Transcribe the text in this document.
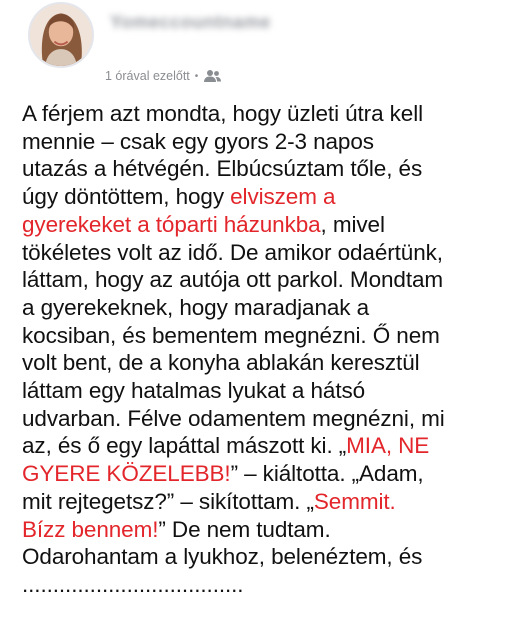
Yomeccountname
1 órával ezelőtt •
A férjem azt mondta, hogy üzleti útra kell
mennie – csak egy gyors 2-3 napos
utazás a hétvégén. Elbúcsúztam tőle, és
úgy döntöttem, hogy elviszem a
gyerekeket a tóparti házunkba, mivel
tökéletes volt az idő. De amikor odaértünk,
láttam, hogy az autója ott parkol. Mondtam
a gyerekeknek, hogy maradjanak a
kocsiban, és bementem megnézni. Ő nem
volt bent, de a konyha ablakán keresztül
láttam egy hatalmas lyukat a hátsó
udvarban. Félve odamentem megnézni, mi
az, és ő egy lapáttal mászott ki. „MIA, NE
GYERE KÖZELEBB!” – kiáltotta. „Adam,
mit rejtegetsz?” – sikítottam. „Semmit.
Bízz bennem!” De nem tudtam.
Odarohantam a lyukhoz, belenéztem, és
....................................
